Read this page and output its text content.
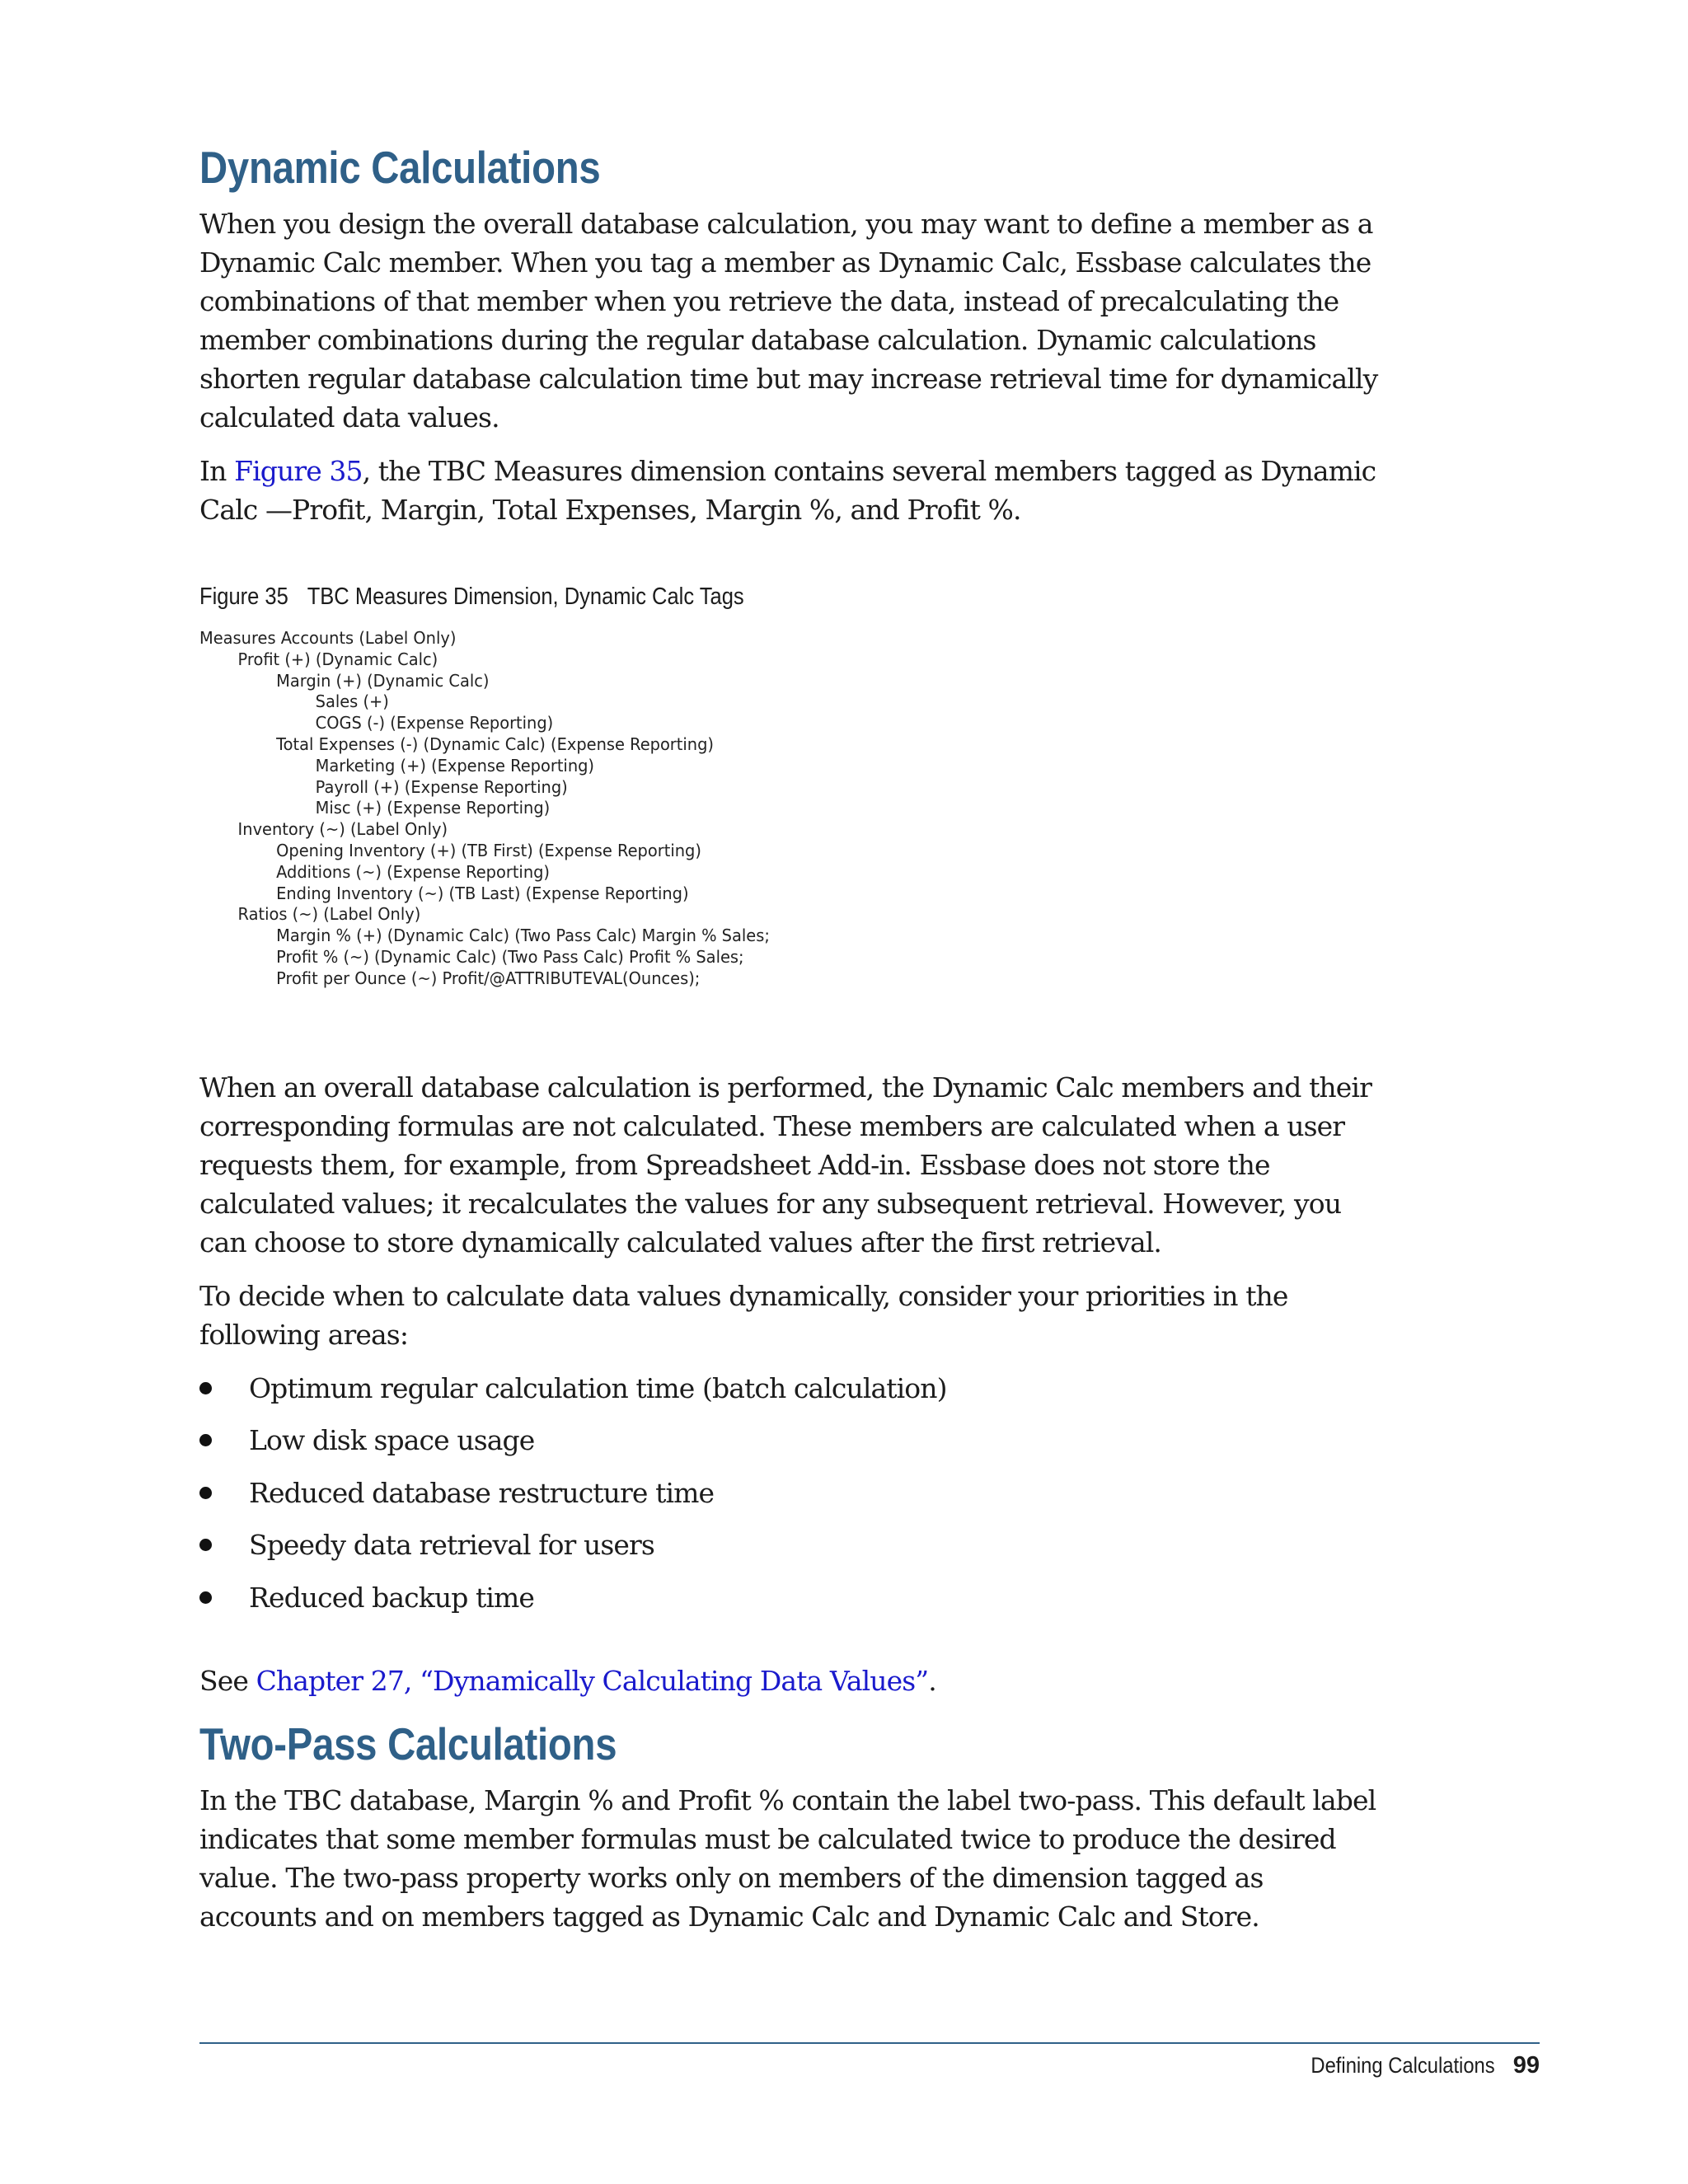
Dynamic Calculations

When you design the overall database calculation, you may want to define a member as a Dynamic Calc member. When you tag a member as Dynamic Calc, Essbase calculates the combinations of that member when you retrieve the data, instead of precalculating the member combinations during the regular database calculation. Dynamic calculations shorten regular database calculation time but may increase retrieval time for dynamically calculated data values.

In Figure 35, the TBC Measures dimension contains several members tagged as Dynamic Calc —Profit, Margin, Total Expenses, Margin %, and Profit %.

Figure 35 TBC Measures Dimension, Dynamic Calc Tags
Measures Accounts (Label Only)
Profit (+) (Dynamic Calc)
Margin (+) (Dynamic Calc)
Sales (+)
COGS (-) (Expense Reporting)
Total Expenses (-) (Dynamic Calc) (Expense Reporting)
Marketing (+) (Expense Reporting)
Payroll (+) (Expense Reporting)
Misc (+) (Expense Reporting)
Inventory (~) (Label Only)
Opening Inventory (+) (TB First) (Expense Reporting)
Additions (~) (Expense Reporting)
Ending Inventory (~) (TB Last) (Expense Reporting)
Ratios (~) (Label Only)
Margin % (+) (Dynamic Calc) (Two Pass Calc) Margin % Sales;
Profit % (~) (Dynamic Calc) (Two Pass Calc) Profit % Sales;
Profit per Ounce (~) Profit/@ATTRIBUTEVAL(Ounces);

When an overall database calculation is performed, the Dynamic Calc members and their corresponding formulas are not calculated. These members are calculated when a user requests them, for example, from Spreadsheet Add-in. Essbase does not store the calculated values; it recalculates the values for any subsequent retrieval. However, you can choose to store dynamically calculated values after the first retrieval.

To decide when to calculate data values dynamically, consider your priorities in the following areas:

Optimum regular calculation time (batch calculation)
Low disk space usage
Reduced database restructure time
Speedy data retrieval for users
Reduced backup time

See Chapter 27, “Dynamically Calculating Data Values”.

Two-Pass Calculations

In the TBC database, Margin % and Profit % contain the label two-pass. This default label indicates that some member formulas must be calculated twice to produce the desired value. The two-pass property works only on members of the dimension tagged as accounts and on members tagged as Dynamic Calc and Dynamic Calc and Store.

Defining Calculations 99
